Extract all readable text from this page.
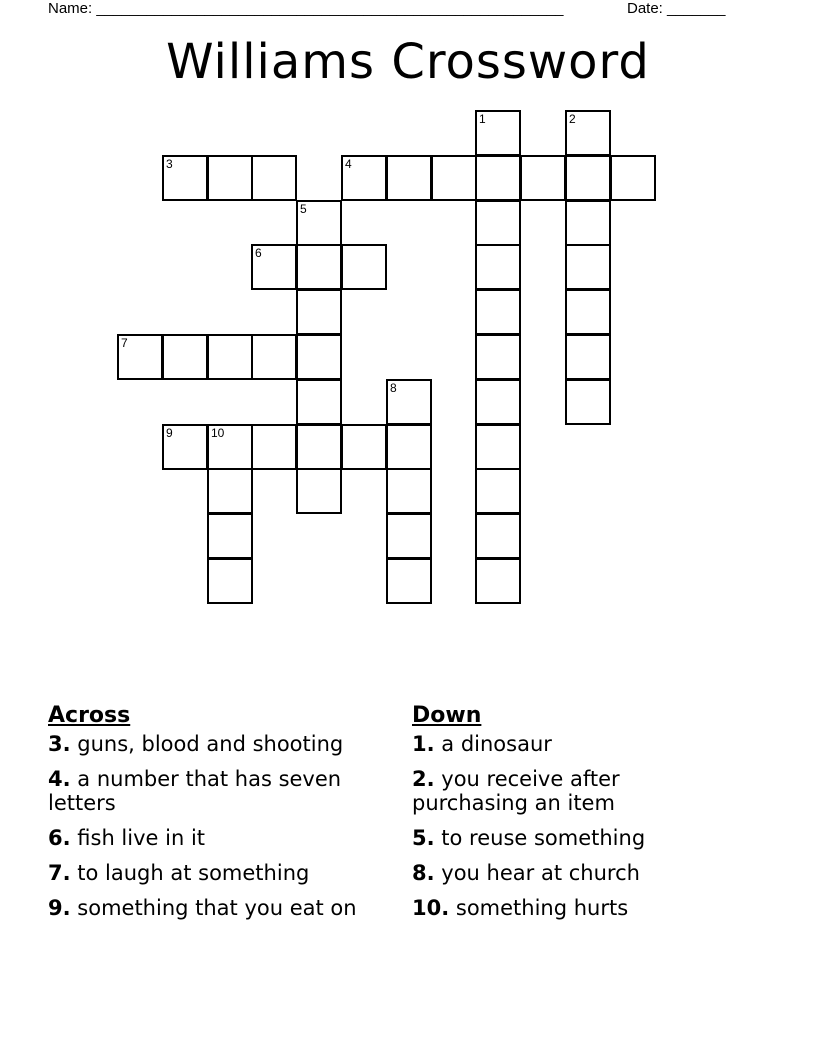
Name: ________________________________________________________	Date: _______
Williams Crossword
1	2
3	4
5
6
7
8
9	10
Across
3. guns, blood and shooting
4. a number that has seven letters
6. fish live in it
7. to laugh at something
9. something that you eat on
Down
1. a dinosaur
2. you receive after purchasing an item
5. to reuse something
8. you hear at church
10. something hurts
